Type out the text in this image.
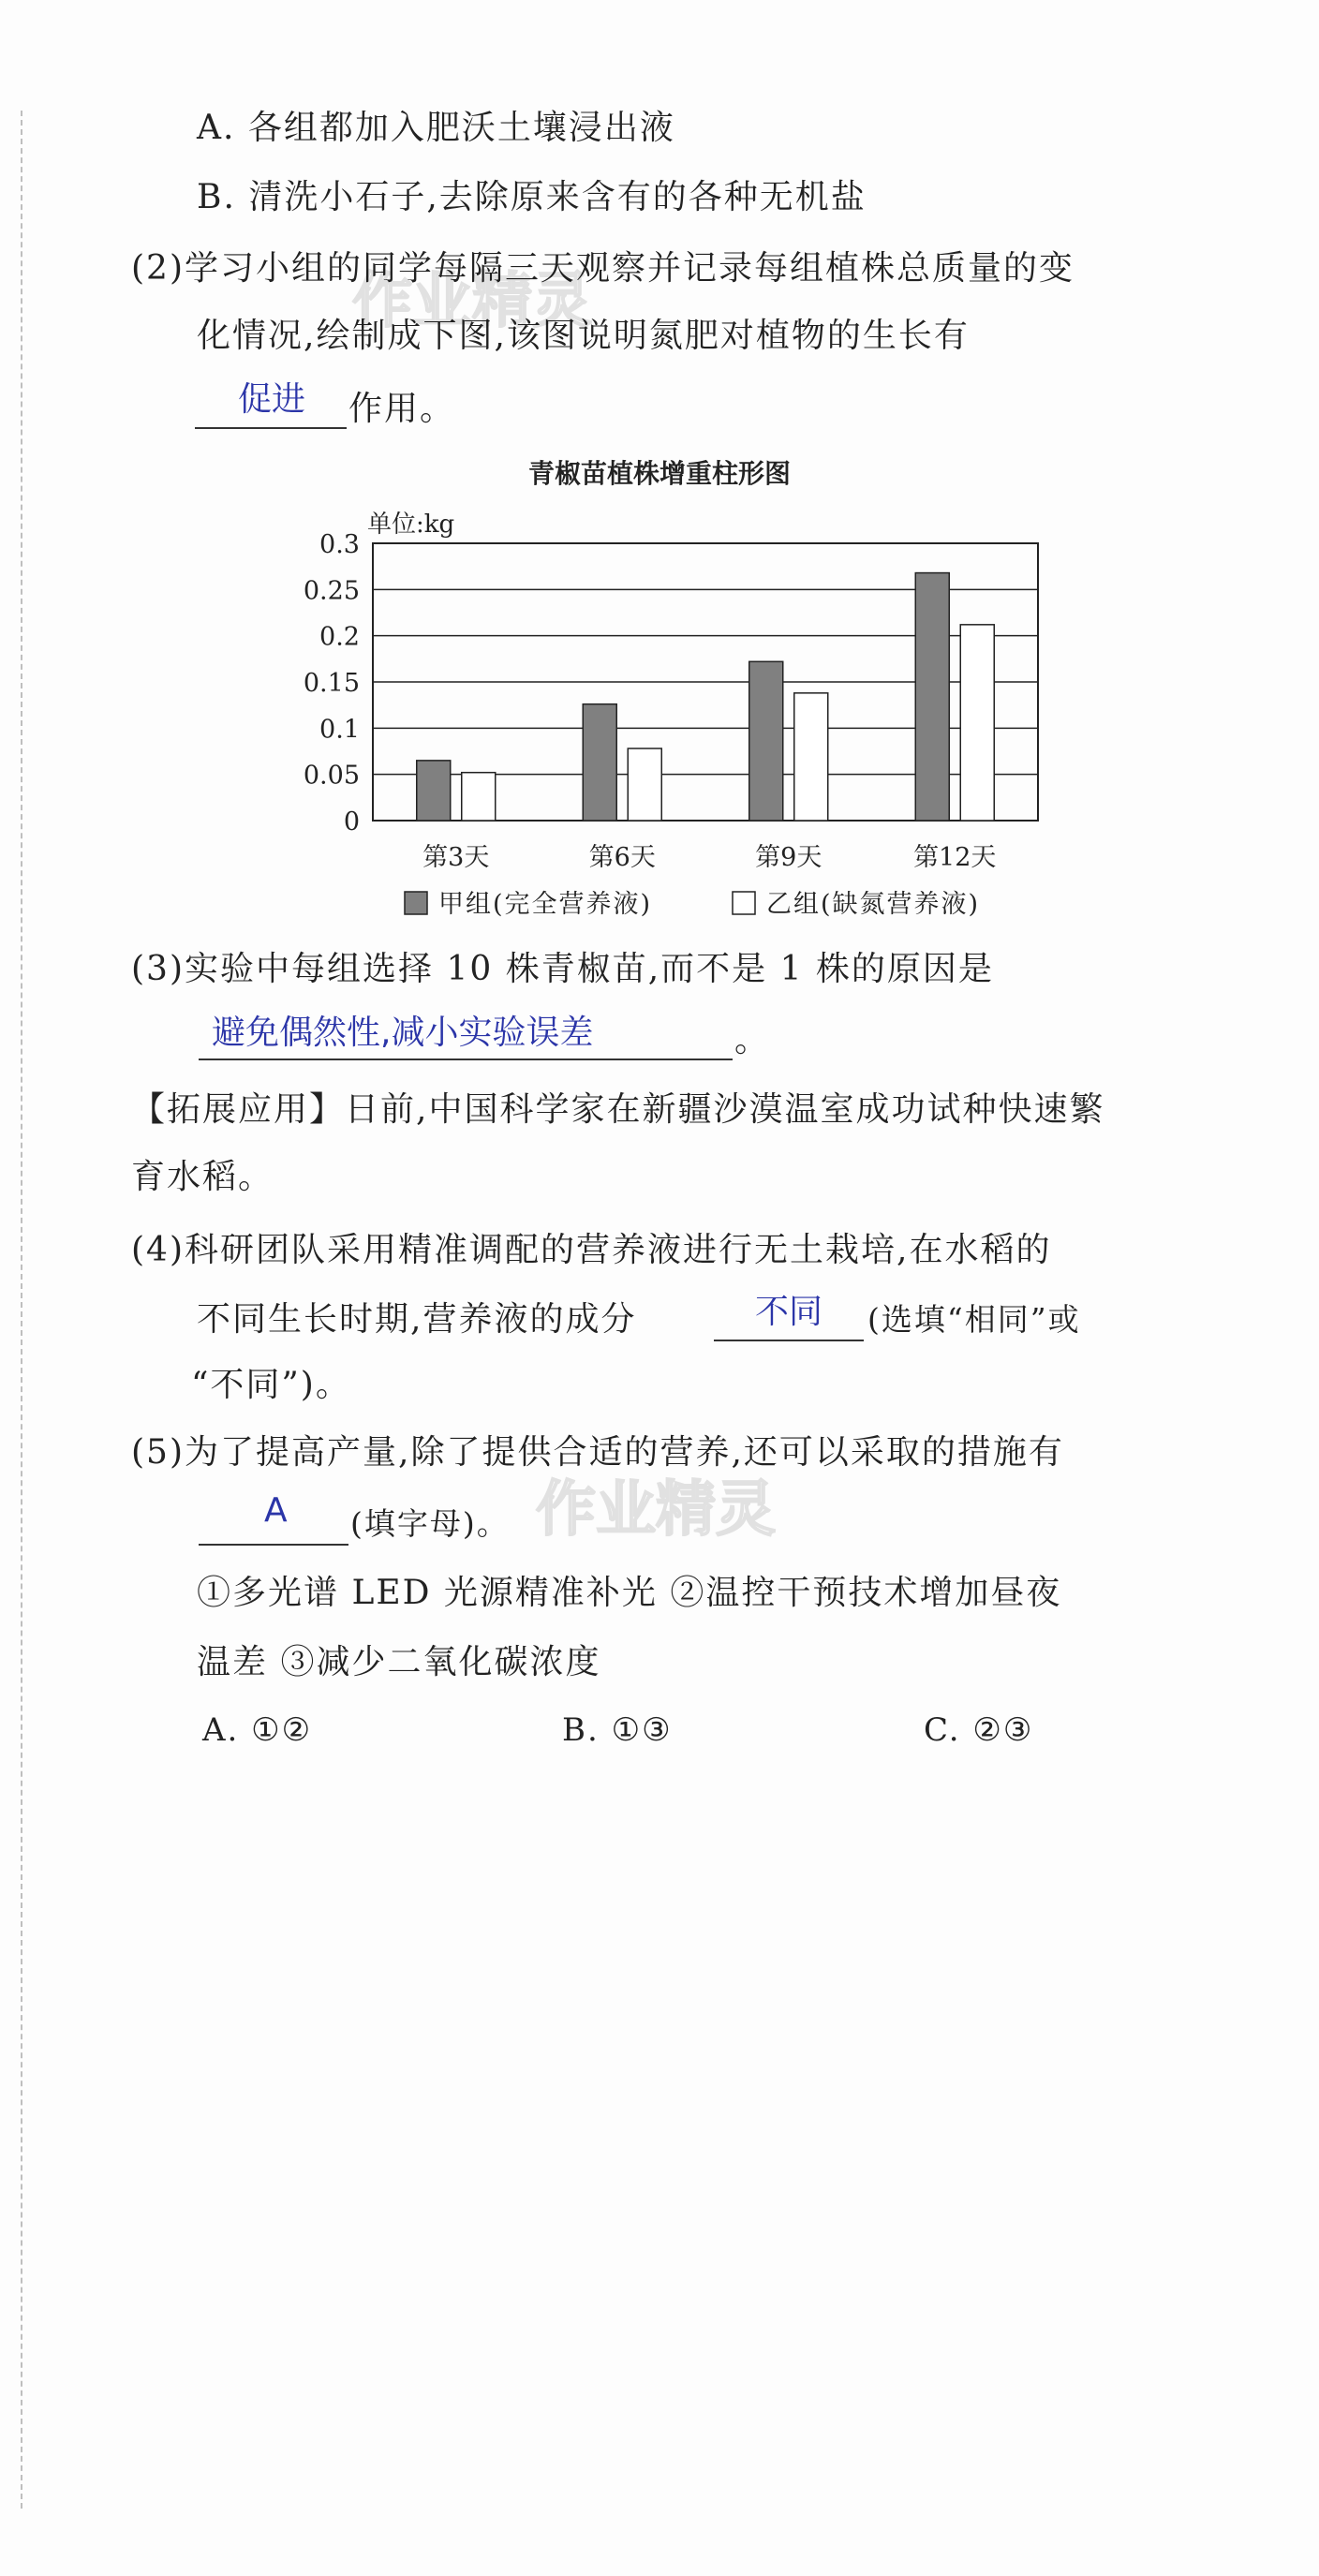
A. 各组都加入肥沃土壤浸出液
B. 清洗小石子,去除原来含有的各种无机盐
(2)学习小组的同学每隔三天观察并记录每组植株总质量的变
化情况,绘制成下图,该图说明氮肥对植物的生长有
促进 作用。
作业精灵
青椒苗植株增重柱形图
0
0.05
0.1
0.15
0.2
0.25
0.3
单位:kg
第3天	第6天	第9天	第12天
甲组(完全营养液)	乙组(缺氮营养液)
(3)实验中每组选择 10 株青椒苗,而不是 1 株的原因是
避免偶然性,减小实验误差	。
【拓展应用】日前,中国科学家在新疆沙漠温室成功试种快速繁
育水稻。
(4)科研团队采用精准调配的营养液进行无土栽培,在水稻的
不同生长时期,营养液的成分	不同 (选填“相同”或
“不同”)。
(5)为了提高产量,除了提供合适的营养,还可以采取的措施有
A (填字母)。 作业精灵
①多光谱 LED 光源精准补光 ②温控干预技术增加昼夜
温差 ③减少二氧化碳浓度
A. ①②	B. ①③	C. ②③
